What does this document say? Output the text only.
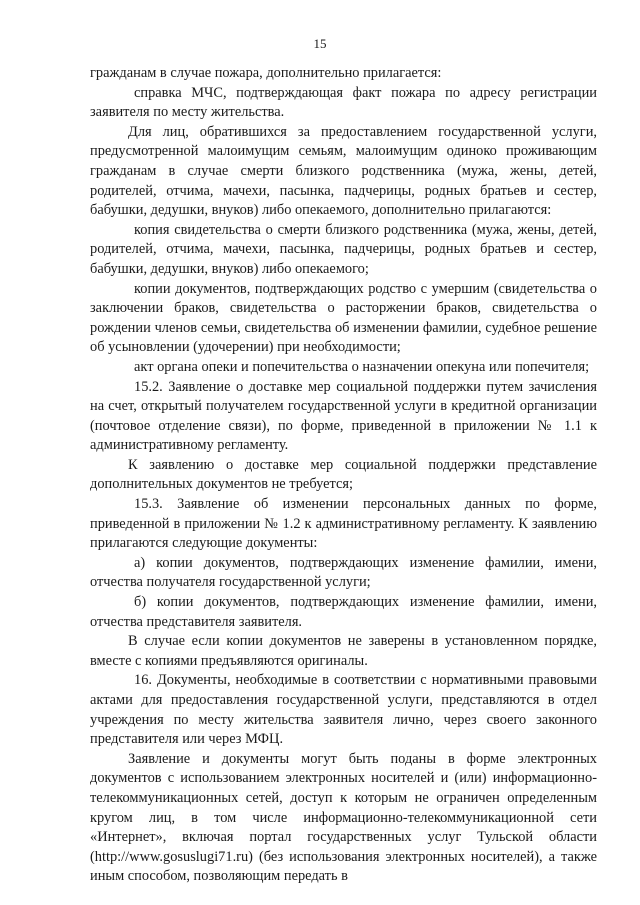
15

гражданам в случае пожара, дополнительно прилагается:

справка МЧС, подтверждающая факт пожара по адресу регистрации заявителя по месту жительства.

Для лиц, обратившихся за предоставлением государственной услуги, предусмотренной малоимущим семьям, малоимущим одиноко проживающим гражданам в случае смерти близкого родственника (мужа, жены, детей, родителей, отчима, мачехи, пасынка, падчерицы, родных братьев и сестер, бабушки, дедушки, внуков) либо опекаемого, дополнительно прилагаются:

копия свидетельства о смерти близкого родственника (мужа, жены, детей, родителей, отчима, мачехи, пасынка, падчерицы, родных братьев и сестер, бабушки, дедушки, внуков) либо опекаемого;

копии документов, подтверждающих родство с умершим (свидетельства о заключении браков, свидетельства о расторжении браков, свидетельства о рождении членов семьи, свидетельства об изменении фамилии, судебное решение об усыновлении (удочерении) при необходимости;

акт органа опеки и попечительства о назначении опекуна или попечителя;

15.2. Заявление о доставке мер социальной поддержки путем зачисления на счет, открытый получателем государственной услуги в кредитной организации (почтовое отделение связи), по форме, приведенной в приложении № 1.1 к административному регламенту.

К заявлению о доставке мер социальной поддержки представление дополнительных документов не требуется;

15.3. Заявление об изменении персональных данных по форме, приведенной в приложении № 1.2 к административному регламенту. К заявлению прилагаются следующие документы:

а) копии документов, подтверждающих изменение фамилии, имени, отчества получателя государственной услуги;

б) копии документов, подтверждающих изменение фамилии, имени, отчества представителя заявителя.

В случае если копии документов не заверены в установленном порядке, вместе с копиями предъявляются оригиналы.

16. Документы, необходимые в соответствии с нормативными правовыми актами для предоставления государственной услуги, представляются в отдел учреждения по месту жительства заявителя лично, через своего законного представителя или через МФЦ.

Заявление и документы могут быть поданы в форме электронных документов с использованием электронных носителей и (или) информационно-телекоммуникационных сетей, доступ к которым не ограничен определенным кругом лиц, в том числе информационно-телекоммуникационной сети «Интернет», включая портал государственных услуг Тульской области (http://www.gosuslugi71.ru) (без использования электронных носителей), а также иным способом, позволяющим передать в
